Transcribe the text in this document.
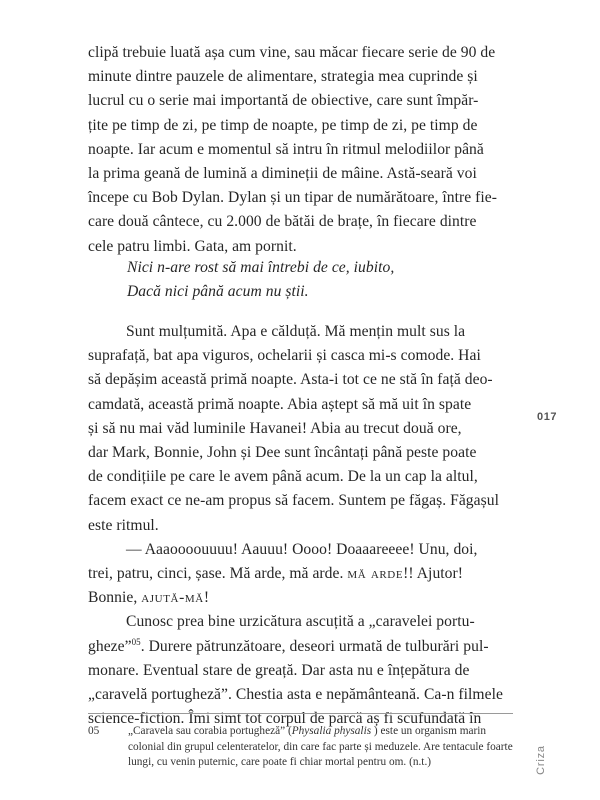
clipă trebuie luată așa cum vine, sau măcar fiecare serie de 90 de

minute dintre pauzele de alimentare, strategia mea cuprinde și

lucrul cu o serie mai importantă de obiective, care sunt împăr-

țite pe timp de zi, pe timp de noapte, pe timp de zi, pe timp de

noapte. Iar acum e momentul să intru în ritmul melodiilor până

la prima geană de lumină a dimineții de mâine. Astă-seară voi

începe cu Bob Dylan. Dylan și un tipar de numărătoare, între fie-

care două cântece, cu 2.000 de bătăi de brațe, în fiecare dintre

cele patru limbi. Gata, am pornit.

Nici n-are rost să mai întrebi de ce, iubito,

Dacă nici până acum nu știi.

Sunt mulțumită. Apa e călduță. Mă mențin mult sus la

suprafață, bat apa viguros, ochelarii și casca mi-s comode. Hai

să depășim această primă noapte. Asta-i tot ce ne stă în față deo-

camdată, această primă noapte. Abia aștept să mă uit în spate

și să nu mai văd luminile Havanei! Abia au trecut două ore,

dar Mark, Bonnie, John și Dee sunt încântați până peste poate

de condițiile pe care le avem până acum. De la un cap la altul,

facem exact ce ne-am propus să facem. Suntem pe făgaș. Făgașul

este ritmul.

— Aaaoooouuuu! Aauuu! Oooo! Doaaareeee! Unu, doi,

trei, patru, cinci, șase. Mă arde, mă arde. mă arde!! Ajutor!

Bonnie, ajută-mă!

Cunosc prea bine urzicătura ascuțită a „caravelei portu-

gheze”$^{05}$. Durere pătrunzătoare, deseori urmată de tulburări pul-

monare. Eventual stare de greață. Dar asta nu e înțepătura de

„caravelă portugheză”. Chestia asta e nepământeană. Ca-n filmele

science-fiction. Îmi simt tot corpul de parcă aș fi scufundată în

017
05	„Caravela sau corabia portugheză” (Physalia physalis ) este un organism marin colonial din grupul celenteratelor, din care fac parte și meduzele. Are tentacule foarte lungi, cu venin puternic, care poate fi chiar mortal pentru om. (n.t.)	Criza
